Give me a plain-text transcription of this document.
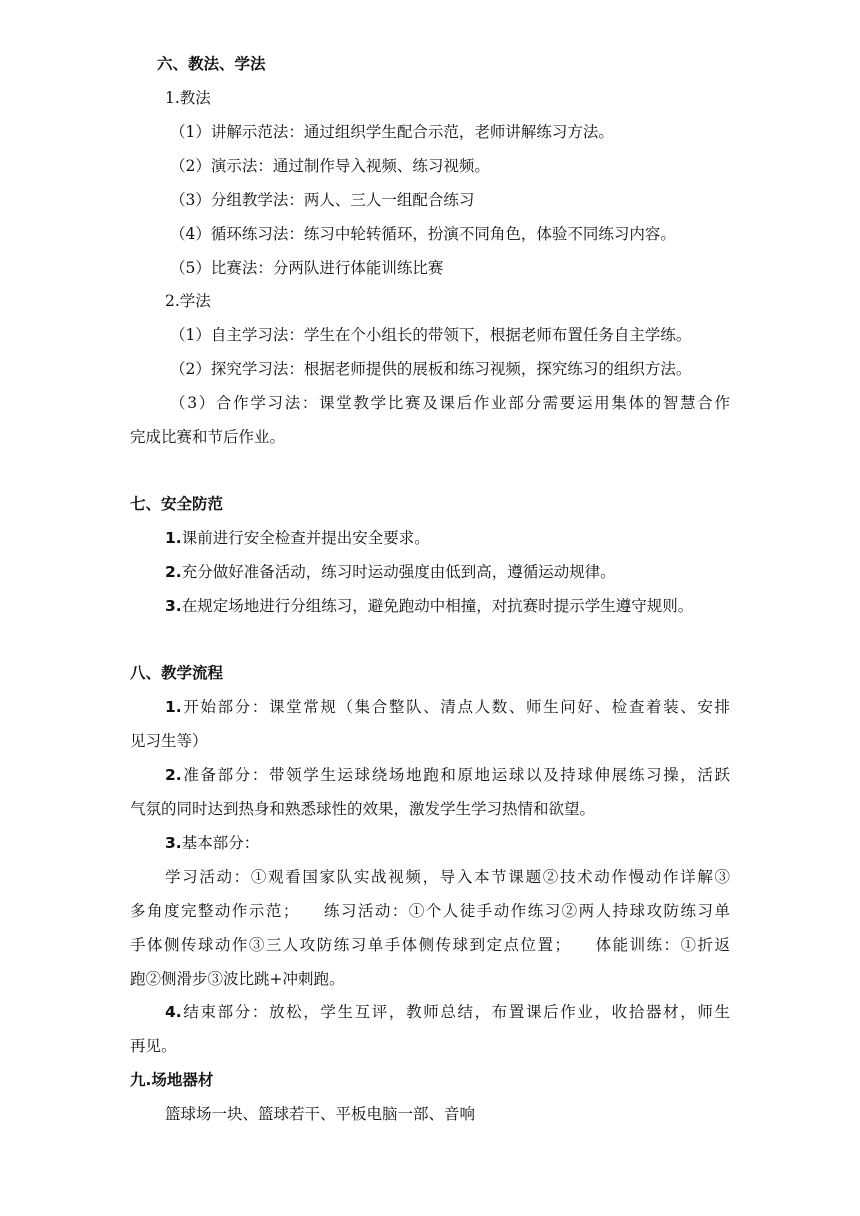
六、教法、学法
1.教法
（1）讲解示范法：通过组织学生配合示范，老师讲解练习方法。
（2）演示法：通过制作导入视频、练习视频。
（3）分组教学法：两人、三人一组配合练习
（4）循环练习法：练习中轮转循环，扮演不同角色，体验不同练习内容。
（5）比赛法：分两队进行体能训练比赛
2.学法
（1）自主学习法：学生在个小组长的带领下，根据老师布置任务自主学练。
（2）探究学习法：根据老师提供的展板和练习视频，探究练习的组织方法。
（3）合作学习法：课堂教学比赛及课后作业部分需要运用集体的智慧合作
完成比赛和节后作业。
七、安全防范
1.课前进行安全检查并提出安全要求。
2.充分做好准备活动，练习时运动强度由低到高，遵循运动规律。
3.在规定场地进行分组练习，避免跑动中相撞，对抗赛时提示学生遵守规则。
八、教学流程
1.开始部分：课堂常规（集合整队、清点人数、师生问好、检查着装、安排
见习生等）
2.准备部分：带领学生运球绕场地跑和原地运球以及持球伸展练习操，活跃
气氛的同时达到热身和熟悉球性的效果，激发学生学习热情和欲望。
3.基本部分：
学习活动：①观看国家队实战视频，导入本节课题②技术动作慢动作详解③
多角度完整动作示范；    练习活动：①个人徒手动作练习②两人持球攻防练习单
手体侧传球动作③三人攻防练习单手体侧传球到定点位置；    体能训练：①折返
跑②侧滑步③波比跳+冲刺跑。
4.结束部分：放松，学生互评，教师总结，布置课后作业，收拾器材，师生
再见。
九.场地器材
篮球场一块、篮球若干、平板电脑一部、音响
